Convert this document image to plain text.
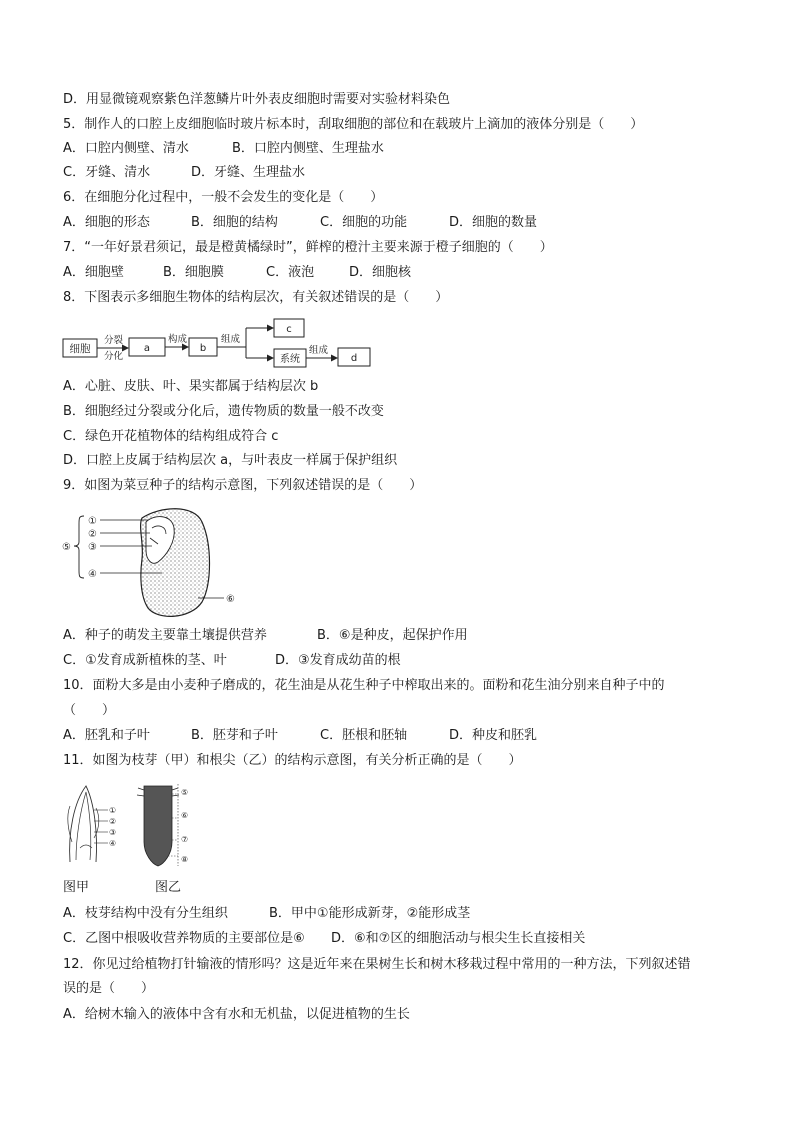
D．用显微镜观察紫色洋葱鳞片叶外表皮细胞时需要对实验材料染色
5．制作人的口腔上皮细胞临时玻片标本时，刮取细胞的部位和在载玻片上滴加的液体分别是（　　）
A．口腔内侧壁、清水	B．口腔内侧壁、生理盐水
C．牙缝、清水	D．牙缝、生理盐水
6．在细胞分化过程中，一般不会发生的变化是（　　）
A．细胞的形态	B．细胞的结构	C．细胞的功能	D．细胞的数量
7．“一年好景君须记，最是橙黄橘绿时”，鲜榨的橙汁主要来源于橙子细胞的（　　）
A．细胞壁	B．细胞膜	C．液泡	D．细胞核
8．下图表示多细胞生物体的结构层次，有关叙述错误的是（　　）
细胞
分裂
分化
a
构成
b
组成
c
系统
组成
d
A．心脏、皮肤、叶、果实都属于结构层次 b
B．细胞经过分裂或分化后，遗传物质的数量一般不改变
C．绿色开花植物体的结构组成符合 c
D．口腔上皮属于结构层次 a，与叶表皮一样属于保护组织
9．如图为菜豆种子的结构示意图，下列叙述错误的是（　　）
①
②
③
④
⑤
⑥
A．种子的萌发主要靠土壤提供营养	B．⑥是种皮，起保护作用
C．①发育成新植株的茎、叶	D．③发育成幼苗的根
10．面粉大多是由小麦种子磨成的，花生油是从花生种子中榨取出来的。面粉和花生油分别来自种子中的
（　　）
A．胚乳和子叶	B．胚芽和子叶	C．胚根和胚轴	D．种皮和胚乳
11．如图为枝芽（甲）和根尖（乙）的结构示意图，有关分析正确的是（　　）
①
②
③
④
⑤
⑥
⑦
⑧
图甲	图乙
A．枝芽结构中没有分生组织	B．甲中①能形成新芽，②能形成茎
C．乙图中根吸收营养物质的主要部位是⑥ D．⑥和⑦区的细胞活动与根尖生长直接相关
12．你见过给植物打针输液的情形吗？这是近年来在果树生长和树木移栽过程中常用的一种方法，下列叙述错
误的是（　　）
A．给树木输入的液体中含有水和无机盐，以促进植物的生长
